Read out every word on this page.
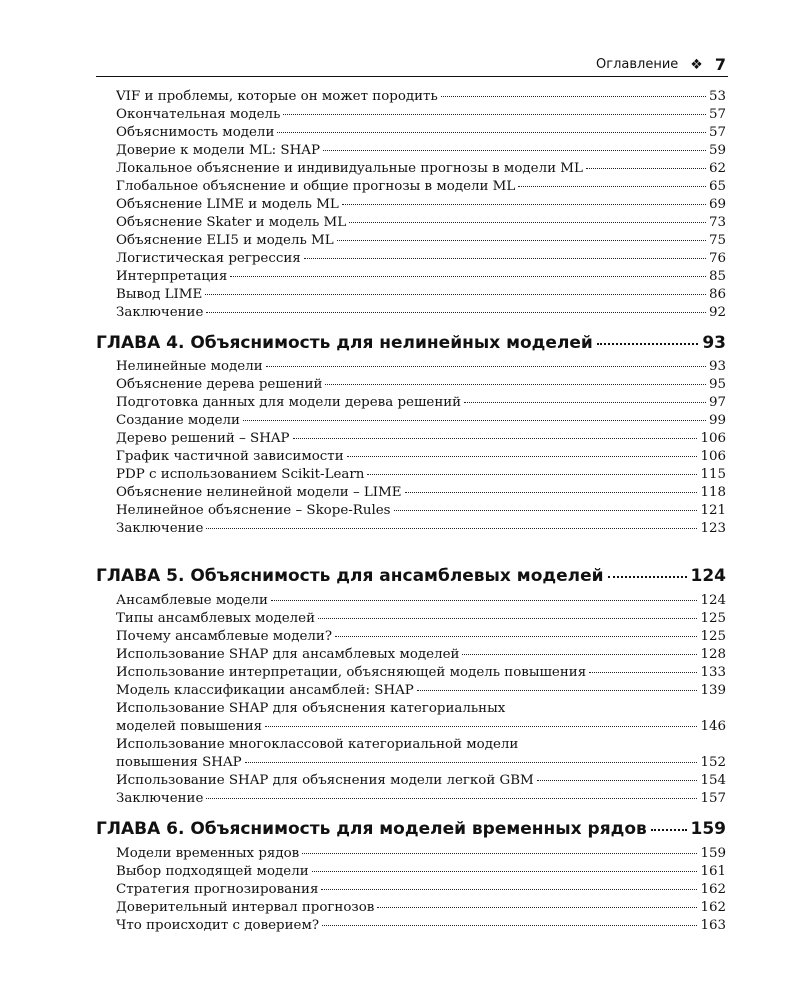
Оглавление ❖ 7
VIF и проблемы, которые он может породить	53
Окончательная модель	57
Объяснимость модели	57
Доверие к модели ML: SHAP	59
Локальное объяснение и индивидуальные прогнозы в модели ML	62
Глобальное объяснение и общие прогнозы в модели ML	65
Объяснение LIME и модель ML	69
Объяснение Skater и модель ML	73
Объяснение ELI5 и модель ML	75
Логистическая регрессия	76
Интерпретация	85
Вывод LIME	86
Заключение	92
ГЛАВА 4. Объяснимость для нелинейных моделей	93
Нелинейные модели	93
Объяснение дерева решений	95
Подготовка данных для модели дерева решений	97
Создание модели	99
Дерево решений – SHAP	106
График частичной зависимости	106
PDP с использованием Scikit-Learn	115
Объяснение нелинейной модели – LIME	118
Нелинейное объяснение – Skope-Rules	121
Заключение	123
ГЛАВА 5. Объяснимость для ансамблевых моделей	124
Ансамблевые модели	124
Типы ансамблевых моделей	125
Почему ансамблевые модели?	125
Использование SHAP для ансамблевых моделей	128
Использование интерпретации, объясняющей модель повышения	133
Модель классификации ансамблей: SHAP	139
Использование SHAP для объяснения категориальных
моделей повышения	146
Использование многоклассовой категориальной модели
повышения SHAP	152
Использование SHAP для объяснения модели легкой GBM	154
Заключение	157
ГЛАВА 6. Объяснимость для моделей временных рядов	159
Модели временных рядов	159
Выбор подходящей модели	161
Стратегия прогнозирования	162
Доверительный интервал прогнозов	162
Что происходит с доверием?	163
